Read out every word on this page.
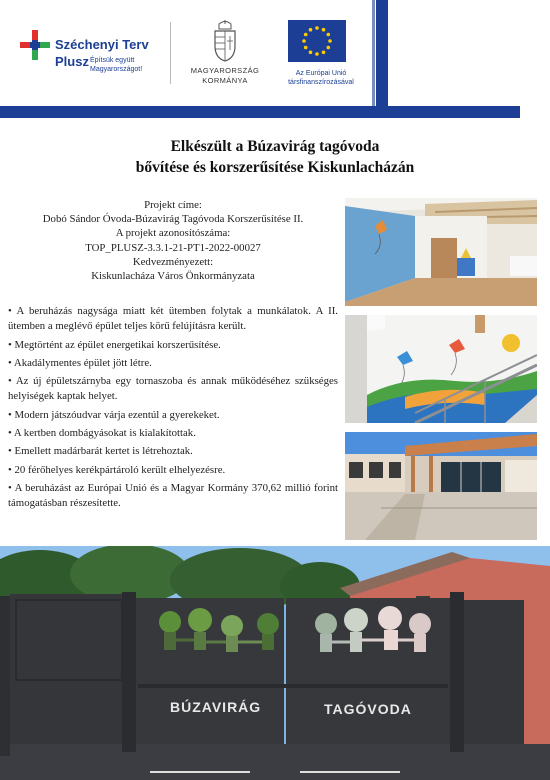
Széchenyi Terv
Plusz Építsük együtt
Magyarországot!	MAGYARORSZÁG
KORMÁNYA
Az Európai Unió
társfinanszírozásával
Elkészült a Búzavirág tagóvoda
bővítése és korszerűsítése Kiskunlacházán
Projekt címe:
Dobó Sándor Óvoda-Búzavirág Tagóvoda Korszerűsítése II.
A projekt azonosítószáma:
TOP_PLUSZ-3.3.1-21-PT1-2022-00027
Kedvezményezett:
Kiskunlacháza Város Önkormányzata
• A beruházás nagysága miatt két ütemben folytak a munkálatok. A II. ütemben a meglévő épület teljes körű felújításra került.
• Megtörtént az épület energetikai korszerűsítése.
• Akadálymentes épület jött létre.
• Az új épületszárnyba egy tornaszoba és annak működéséhez szükséges helyiségek kaptak helyet.
• Modern játszóudvar várja ezentúl a gyerekeket.
• A kertben dombágyásokat is kialakítottak.
• Emellett madárbarát kertet is létrehoztak.
• 20 férőhelyes kerékpártároló került elhelyezésre.
• A beruházást az Európai Unió és a Magyar Kormány 370,62 millió forint támogatásban részesítette.
BÚZAVIRÁG	TAGÓVODA
